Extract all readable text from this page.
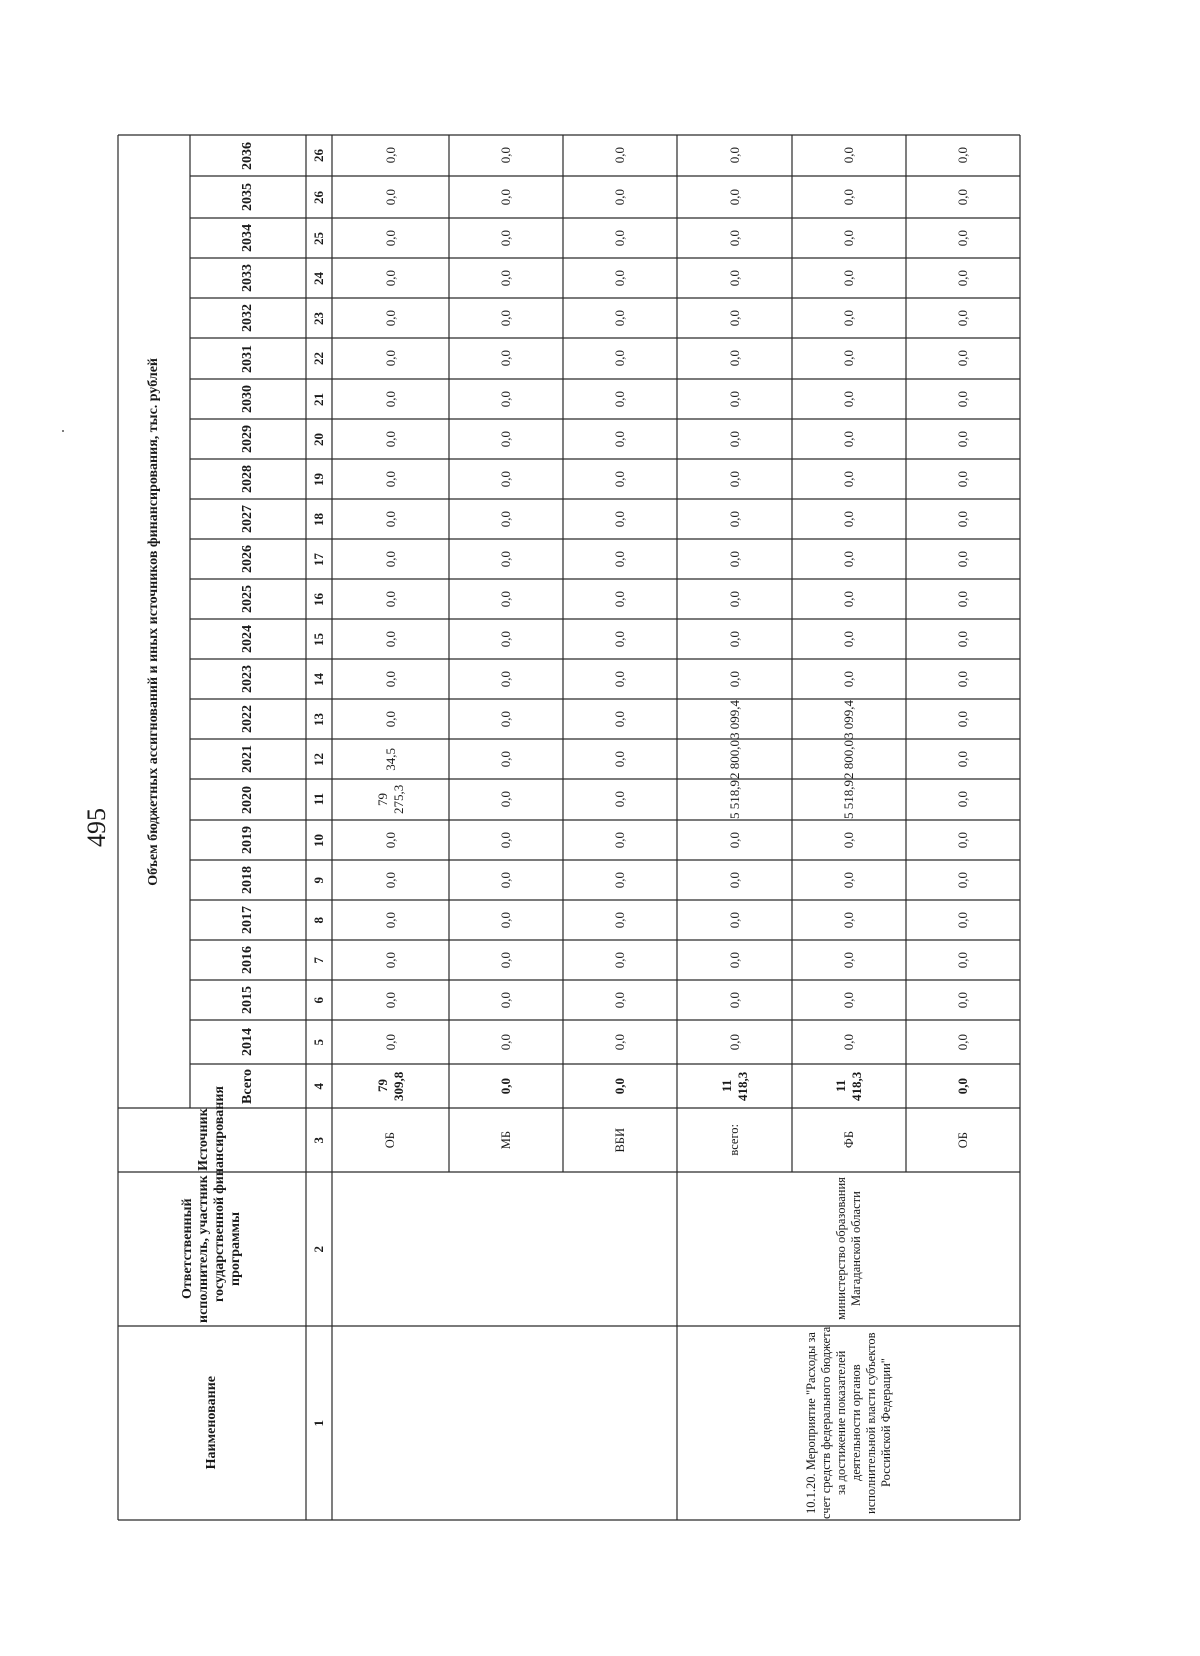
495	Объем бюджетных ассигнований и иных источников финансирования, тыс. рублей
2014
2015
2016
2017
2018
2019
2020
2021
2022
2023
2024
2025
2026
2027
2028
2029
2030
2031
2032
2033
2034
2035
2036
Всего
Источник финансирования
Ответственный исполнитель, участник государственной программы
Наименование	1
2
3
4
5
6
7
8
9
10
11
12
13
14
15
16
17
18
19
20
21
22
23
24
25
26
26
ОБ
79 309,8
0,0
0,0
0,0
0,0
0,0
0,0
79 275,3
34,5
0,0
0,0
0,0
0,0
0,0
0,0
0,0
0,0
0,0
0,0
0,0
0,0
0,0
0,0
0,0
МБ
0,0
0,0
0,0
0,0
0,0
0,0
0,0
0,0
0,0
0,0
0,0
0,0
0,0
0,0
0,0
0,0
0,0
0,0
0,0
0,0
0,0
0,0
0,0
0,0
ВБИ
0,0
0,0
0,0
0,0
0,0
0,0
0,0
0,0
0,0
0,0
0,0
0,0
0,0
0,0
0,0
0,0
0,0
0,0
0,0
0,0
0,0
0,0
0,0
0,0
всего:
11 418,3
0,0
0,0
0,0
0,0
0,0
0,0
5 518,9
2 800,0
3 099,4
0,0
0,0
0,0
0,0
0,0
0,0
0,0
0,0
0,0
0,0
0,0
0,0
0,0
0,0
ФБ
11 418,3
0,0
0,0
0,0
0,0
0,0
0,0
5 518,9
2 800,0
3 099,4
0,0
0,0
0,0
0,0
0,0
0,0
0,0
0,0
0,0
0,0
0,0
0,0
0,0
0,0
ОБ
0,0
0,0
0,0
0,0
0,0
0,0
0,0
0,0
0,0
0,0
0,0
0,0
0,0
0,0
0,0
0,0
0,0
0,0
0,0
0,0
0,0
0,0
0,0
0,0
10.1.20. Мероприятие "Расходы за счет средств федерального бюджета за достижение показателей деятельности органов исполнительной власти субъектов Российской Федерации"
министерство образования Магаданской области
